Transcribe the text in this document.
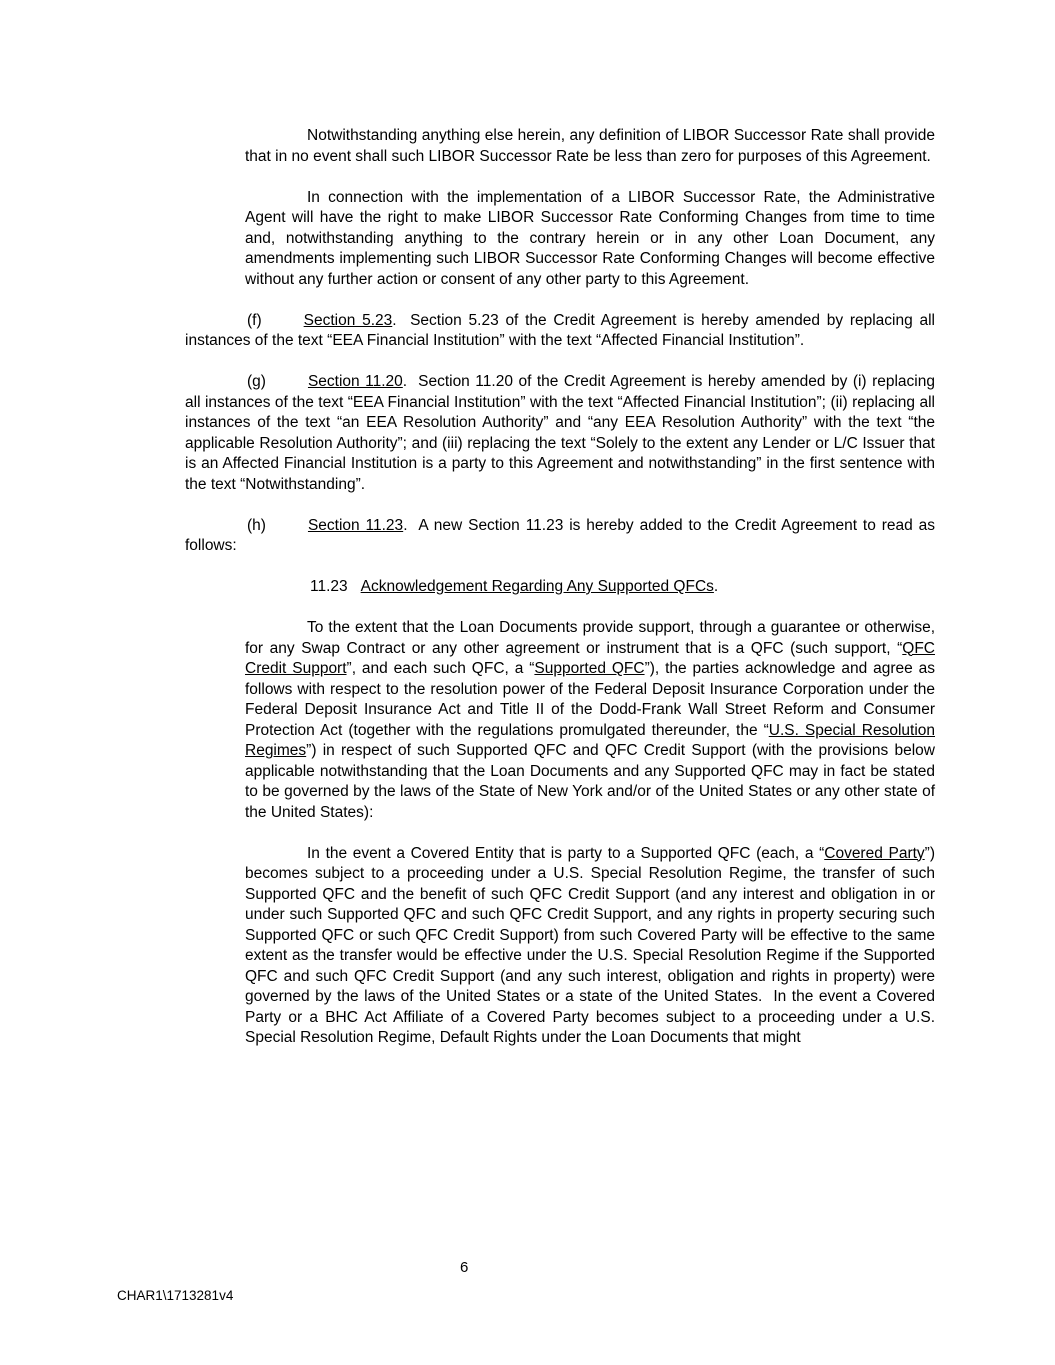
Notwithstanding anything else herein, any definition of LIBOR Successor Rate shall provide that in no event shall such LIBOR Successor Rate be less than zero for purposes of this Agreement.
In connection with the implementation of a LIBOR Successor Rate, the Administrative Agent will have the right to make LIBOR Successor Rate Conforming Changes from time to time and, notwithstanding anything to the contrary herein or in any other Loan Document, any amendments implementing such LIBOR Successor Rate Conforming Changes will become effective without any further action or consent of any other party to this Agreement.
(f)	Section 5.23.  Section 5.23 of the Credit Agreement is hereby amended by replacing all instances of the text “EEA Financial Institution” with the text “Affected Financial Institution”.
(g)	Section 11.20.  Section 11.20 of the Credit Agreement is hereby amended by (i) replacing all instances of the text “EEA Financial Institution” with the text “Affected Financial Institution”; (ii) replacing all instances of the text “an EEA Resolution Authority” and “any EEA Resolution Authority” with the text “the applicable Resolution Authority”; and (iii) replacing the text “Solely to the extent any Lender or L/C Issuer that is an Affected Financial Institution is a party to this Agreement and notwithstanding” in the first sentence with the text “Notwithstanding”.
(h)	Section 11.23.  A new Section 11.23 is hereby added to the Credit Agreement to read as follows:
11.23 Acknowledgement Regarding Any Supported QFCs.
To the extent that the Loan Documents provide support, through a guarantee or otherwise, for any Swap Contract or any other agreement or instrument that is a QFC (such support, “QFC Credit Support”, and each such QFC, a “Supported QFC”), the parties acknowledge and agree as follows with respect to the resolution power of the Federal Deposit Insurance Corporation under the Federal Deposit Insurance Act and Title II of the Dodd-Frank Wall Street Reform and Consumer Protection Act (together with the regulations promulgated thereunder, the “U.S. Special Resolution Regimes”) in respect of such Supported QFC and QFC Credit Support (with the provisions below applicable notwithstanding that the Loan Documents and any Supported QFC may in fact be stated to be governed by the laws of the State of New York and/or of the United States or any other state of the United States):
In the event a Covered Entity that is party to a Supported QFC (each, a “Covered Party”) becomes subject to a proceeding under a U.S. Special Resolution Regime, the transfer of such Supported QFC and the benefit of such QFC Credit Support (and any interest and obligation in or under such Supported QFC and such QFC Credit Support, and any rights in property securing such Supported QFC or such QFC Credit Support) from such Covered Party will be effective to the same extent as the transfer would be effective under the U.S. Special Resolution Regime if the Supported QFC and such QFC Credit Support (and any such interest, obligation and rights in property) were governed by the laws of the United States or a state of the United States.  In the event a Covered Party or a BHC Act Affiliate of a Covered Party becomes subject to a proceeding under a U.S. Special Resolution Regime, Default Rights under the Loan Documents that might
6
CHAR1\1713281v4
